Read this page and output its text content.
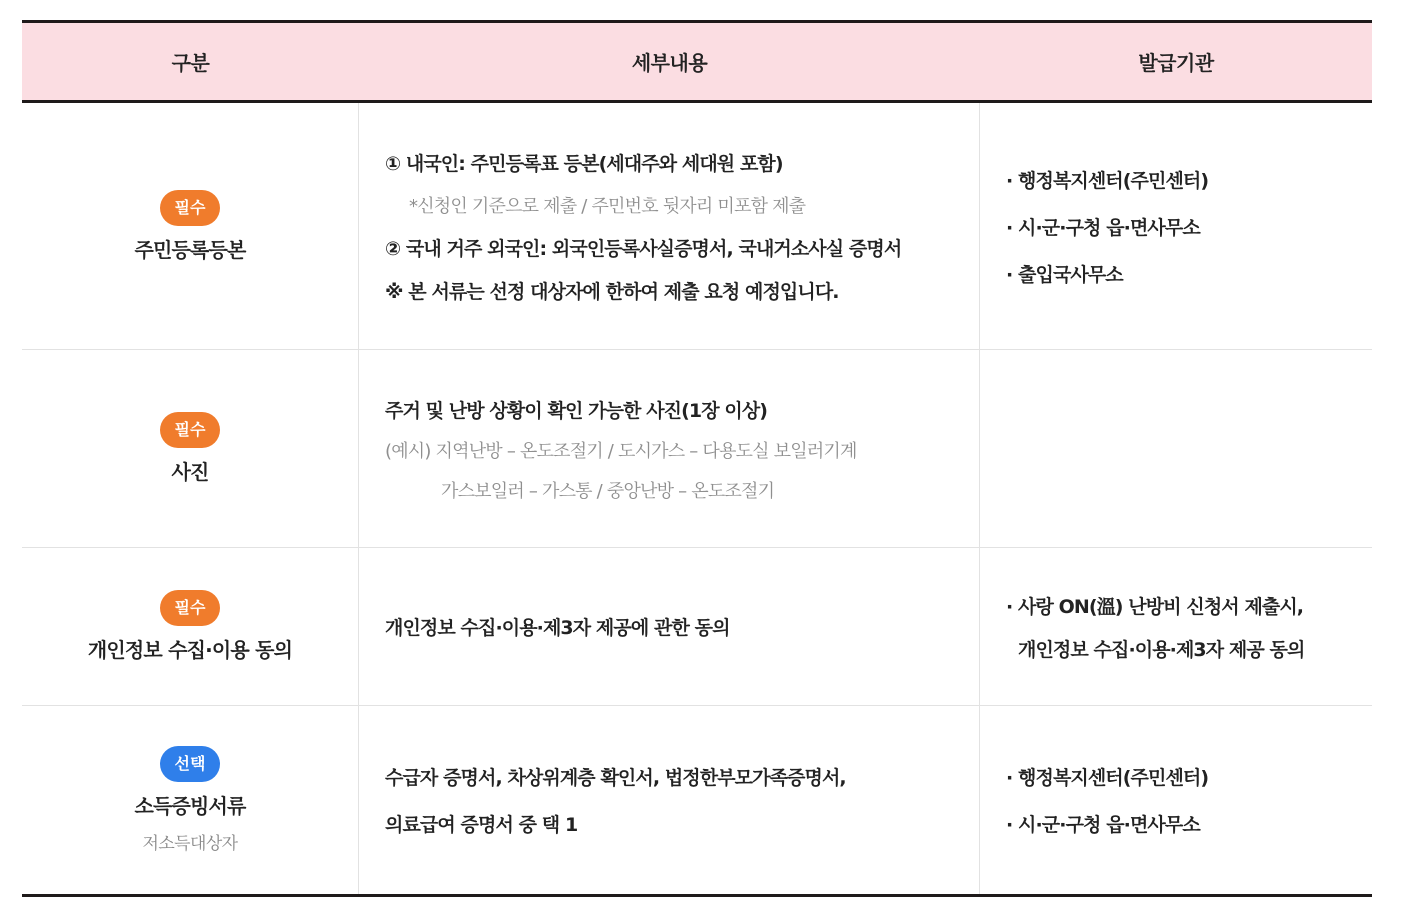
구분	세부내용	발급기관
필수
주민등록등본
① 내국인: 주민등록표 등본(세대주와 세대원 포함)
*신청인 기준으로 제출 / 주민번호 뒷자리 미포함 제출
② 국내 거주 외국인: 외국인등록사실증명서, 국내거소사실 증명서
※ 본 서류는 선정 대상자에 한하여 제출 요청 예정입니다.
· 행정복지센터(주민센터)
· 시·군·구청 읍·면사무소
· 출입국사무소
필수
사진
주거 및 난방 상황이 확인 가능한 사진(1장 이상)
(예시) 지역난방 – 온도조절기 / 도시가스 – 다용도실 보일러기계
가스보일러 – 가스통 / 중앙난방 – 온도조절기
필수
개인정보 수집·이용 동의
개인정보 수집·이용·제3자 제공에 관한 동의
· 사랑 ON(溫) 난방비 신청서 제출시,
개인정보 수집·이용·제3자 제공 동의
선택
소득증빙서류
저소득대상자
수급자 증명서, 차상위계층 확인서, 법정한부모가족증명서,
의료급여 증명서 중 택 1
· 행정복지센터(주민센터)
· 시·군·구청 읍·면사무소
